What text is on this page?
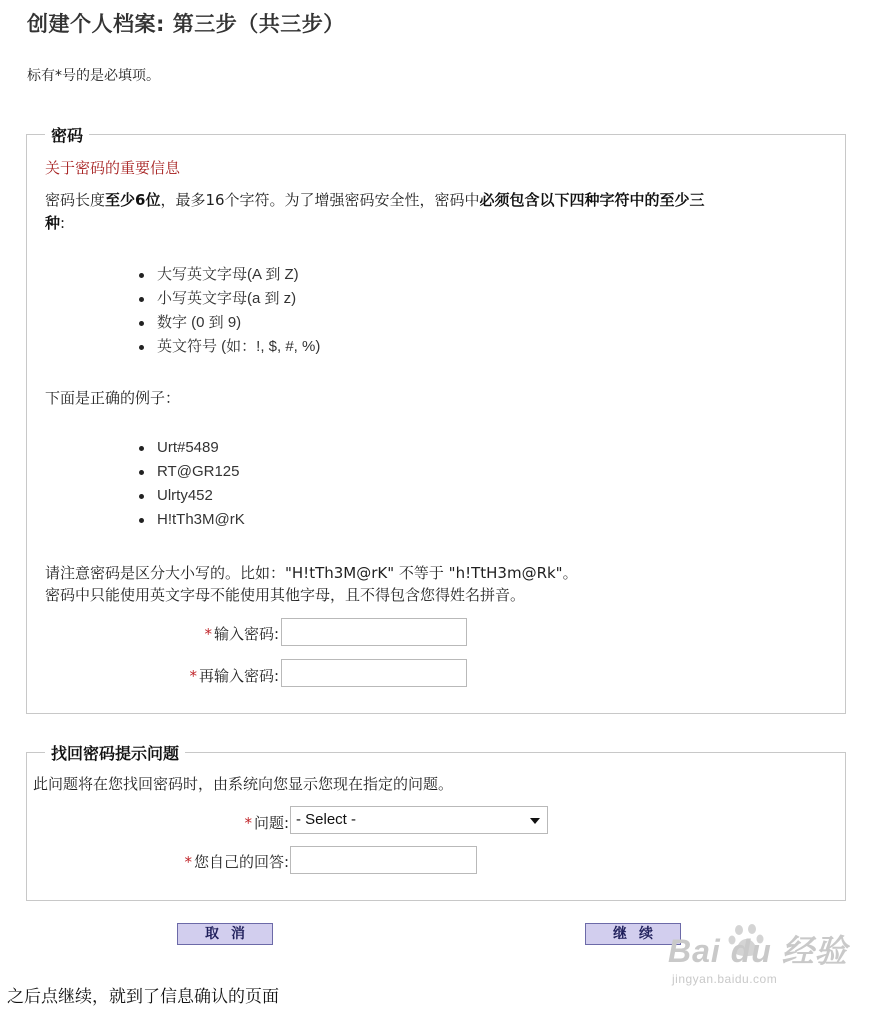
创建个人档案: 第三步（共三步）
标有*号的是必填项。
密码
关于密码的重要信息
密码长度至少6位，最多16个字符。为了增强密码安全性，密码中必须包含以下四种字符中的至少三
种:
大写英文字母(A 到 Z)
小写英文字母(a 到 z)
数字 (0 到 9)
英文符号 (如：!, $, #, %)
下面是正确的例子：
Urt#5489
RT@GR125
Ulrty452
H!tTh3M@rK
请注意密码是区分大小写的。比如："H!tTh3M@rK" 不等于 "h!TtH3m@Rk"。
密码中只能使用英文字母不能使用其他字母，且不得包含您得姓名拼音。
* 输入密码:
* 再输入密码:
找回密码提示问题
此问题将在您找回密码时，由系统向您显示您现在指定的问题。
* 问题: - Select -
* 您自己的回答:
取消	继续 Bai du 经验
jingyan.baidu.com
之后点继续，就到了信息确认的页面
